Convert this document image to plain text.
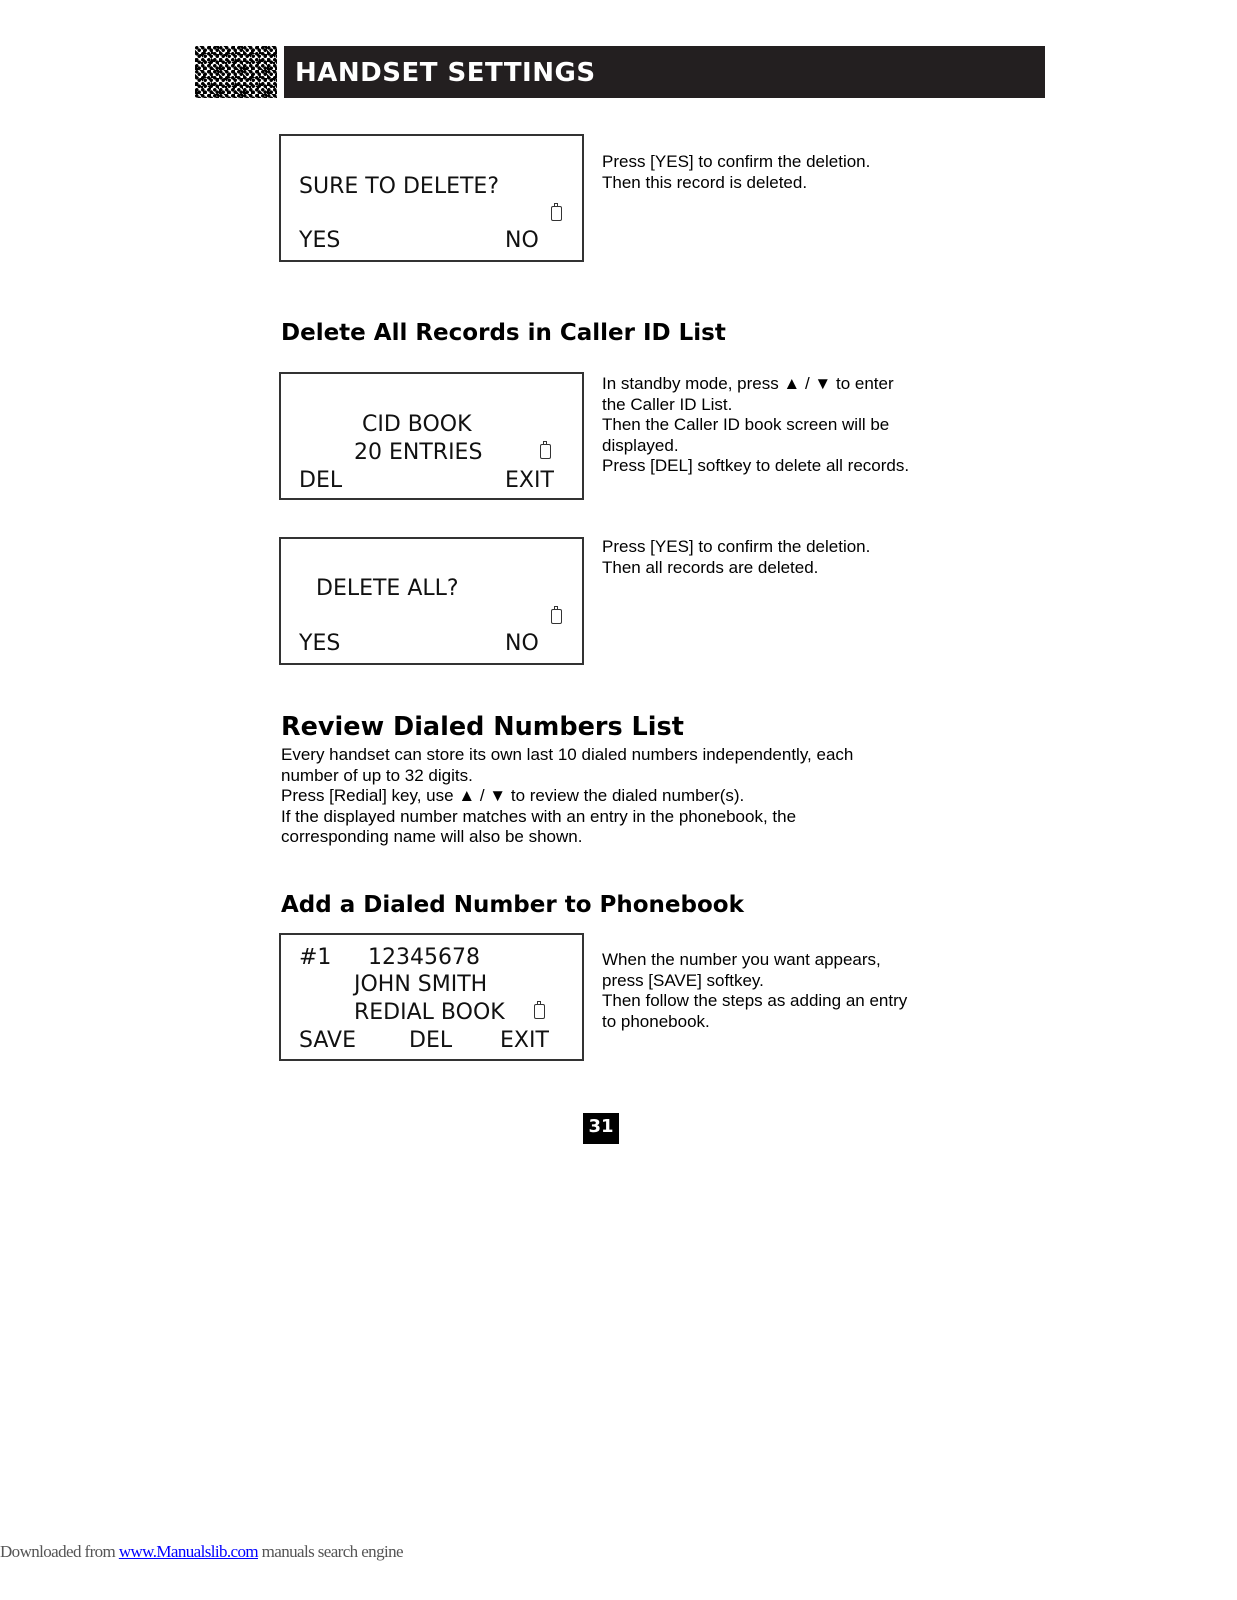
HANDSET SETTINGS
SURE TO DELETE?
YES	NO
Press [YES] to confirm the deletion.
Then this record is deleted.
Delete All Records in Caller ID List
CID BOOK
20 ENTRIES
DEL	EXIT
In standby mode, press ▲ / ▼ to enter
the Caller ID List.
Then the Caller ID book screen will be
displayed.
Press [DEL] softkey to delete all records.
DELETE ALL?
YES	NO
Press [YES] to confirm the deletion.
Then all records are deleted.
Review Dialed Numbers List
Every handset can store its own last 10 dialed numbers independently, each
number of up to 32 digits.
Press [Redial] key, use ▲ / ▼ to review the dialed number(s).
If the displayed number matches with an entry in the phonebook, the
corresponding name will also be shown.
Add a Dialed Number to Phonebook
#1 12345678
JOHN SMITH
REDIAL BOOK
SAVE DEL EXIT
When the number you want appears,
press [SAVE] softkey.
Then follow the steps as adding an entry
to phonebook.
31
Downloaded from www.Manualslib.com manuals search engine
